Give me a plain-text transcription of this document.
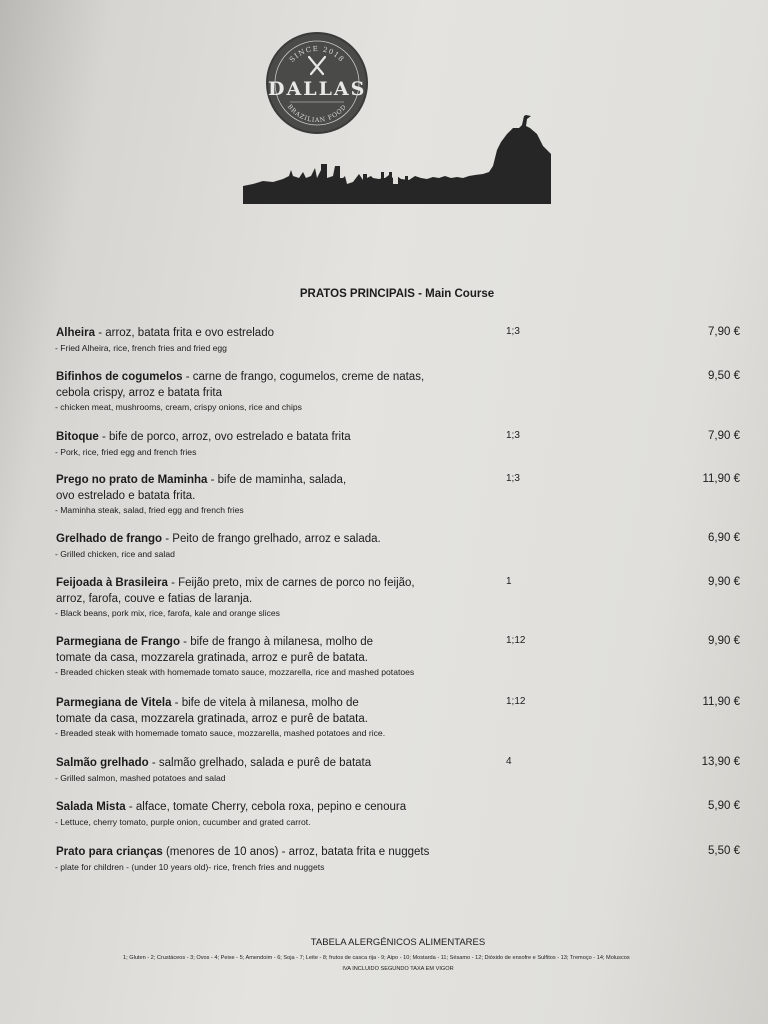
SINCE 2018
BRAZILIAN FOOD
DALLAS
PRATOS PRINCIPAIS - Main Course
Alheira - arroz, batata frita e ovo estrelado
- Fried Alheira, rice, french fries and fried egg
1;3	7,90 €
Bifinhos de cogumelos - carne de frango, cogumelos, creme de natas,
cebola crispy, arroz e batata frita
- chicken meat, mushrooms, cream, crispy onions, rice and chips
9,50 €
Bitoque - bife de porco, arroz, ovo estrelado e batata frita
- Pork, rice, fried egg and french fries
1;3	7,90 €
Prego no prato de Maminha - bife de maminha, salada,
ovo estrelado e batata frita.
- Maminha steak, salad, fried egg and french fries
1;3	11,90 €
Grelhado de frango - Peito de frango grelhado, arroz e salada.
- Grilled chicken, rice and salad
6,90 €
Feijoada à Brasileira - Feijão preto, mix de carnes de porco no feijão,
arroz, farofa, couve e fatias de laranja.
- Black beans, pork mix, rice, farofa, kale and orange slices
1	9,90 €
Parmegiana de Frango - bife de frango à milanesa, molho de
tomate da casa, mozzarela gratinada, arroz e purê de batata.
- Breaded chicken steak with homemade tomato sauce, mozzarella, rice and mashed potatoes
1;12	9,90 €
Parmegiana de Vitela - bife de vitela à milanesa, molho de
tomate da casa, mozzarela gratinada, arroz e purê de batata.
- Breaded steak with homemade tomato sauce, mozzarella, mashed potatoes and rice.
1;12	11,90 €
Salmão grelhado - salmão grelhado, salada e purê de batata
- Grilled salmon, mashed potatoes and salad
4	13,90 €
Salada Mista - alface, tomate Cherry, cebola roxa, pepino e cenoura
- Lettuce, cherry tomato, purple onion, cucumber and grated carrot.
5,90 €
Prato para crianças (menores de 10 anos) - arroz, batata frita e nuggets
- plate for children - (under 10 years old)- rice, french fries and nuggets
5,50 €
TABELA ALERGÉNICOS ALIMENTARES
1; Gluten - 2; Crustáceos - 3; Ovos - 4; Peixe - 5; Amendoim - 6; Soja - 7; Leite - 8; frutos de casca rija - 9; Aipo - 10; Mostarda - 11; Sésamo - 12; Dióxido de enxofre e Sulfitos - 13; Tremoço - 14; Moluscos
IVA INCLUIDO SEGUNDO TAXA EM VIGOR
